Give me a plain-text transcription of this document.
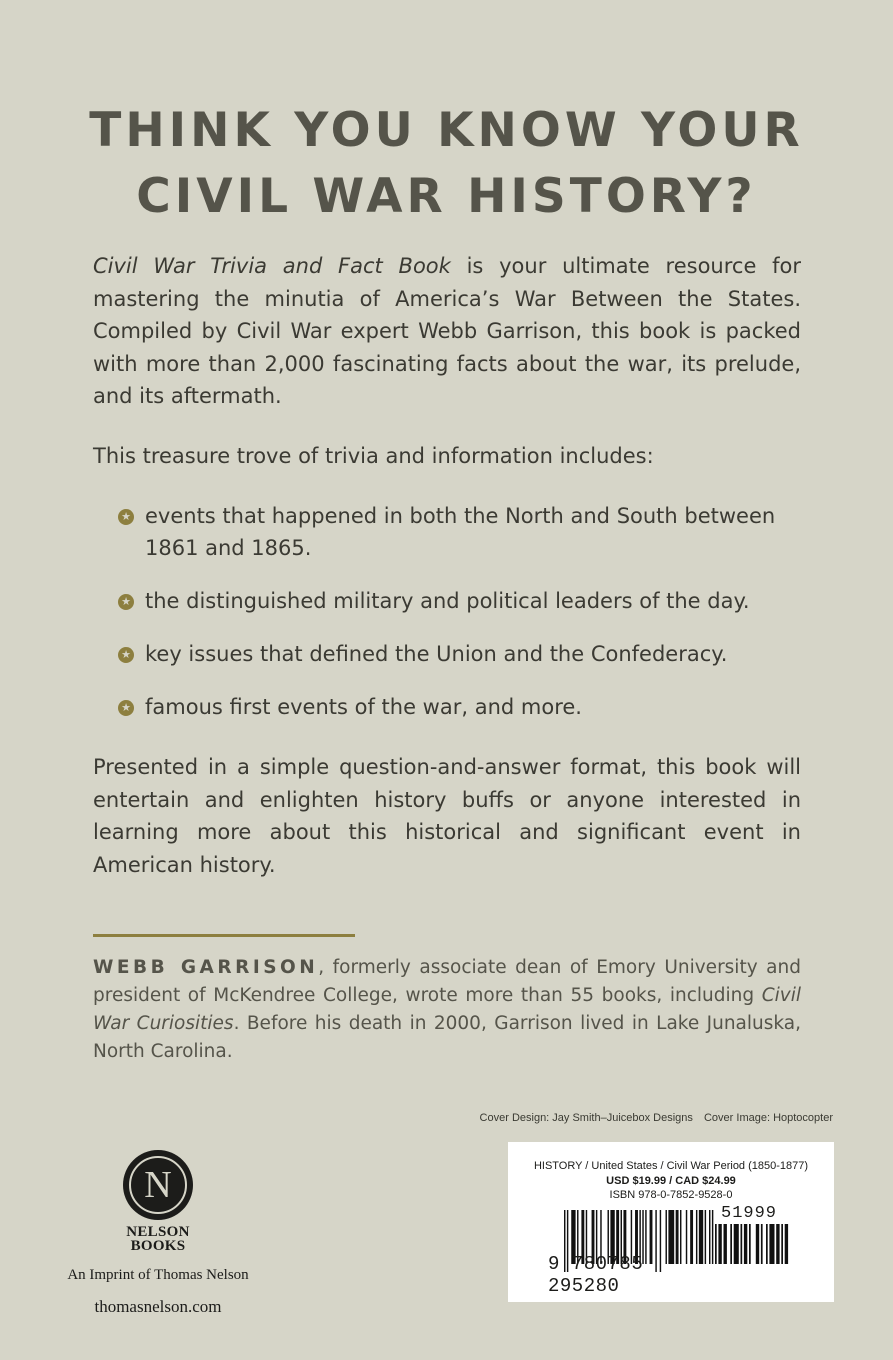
THINK YOU KNOW YOUR
CIVIL WAR HISTORY?

Civil War Trivia and Fact Book is your ultimate resource for mastering the minutia of America’s War Between the States. Compiled by Civil War expert Webb Garrison, this book is packed with more than 2,000 fascinating facts about the war, its prelude, and its aftermath.

This treasure trove of trivia and information includes:

★ events that happened in both the North and South between 1861 and 1865.
★ the distinguished military and political leaders of the day.
★ key issues that defined the Union and the Confederacy.
★ famous first events of the war, and more.

Presented in a simple question-and-answer format, this book will entertain and enlighten history buffs or anyone interested in learning more about this historical and significant event in American history.

WEBB GARRISON, formerly associate dean of Emory University and president of McKendree College, wrote more than 55 books, including Civil War Curiosities. Before his death in 2000, Garrison lived in Lake Junaluska, North Carolina.

Cover Design: Jay Smith–Juicebox Designs Cover Image: Hoptocopter
N
NELSON
BOOKS
An Imprint of Thomas Nelson
thomasnelson.com
HISTORY / United States / Civil War Period (1850-1877)
USD $19.99 / CAD $24.99
ISBN 978-0-7852-9528-0
9 780785 295280
51999
